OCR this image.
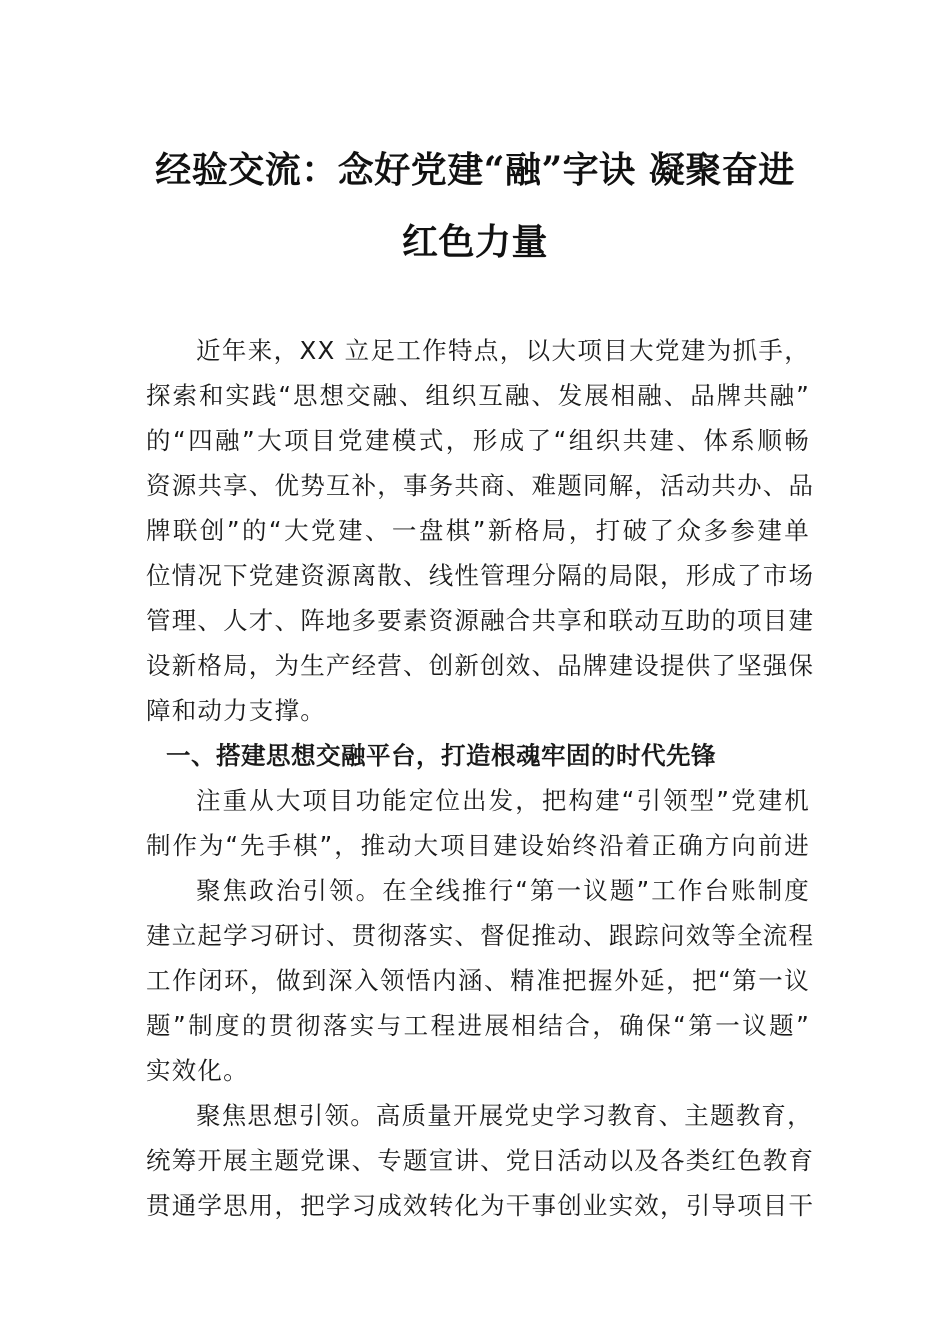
经验交流：念好党建“融”字诀 凝聚奋进
红色力量
近年来，XX 立足工作特点，以大项目大党建为抓手，
探索和实践“思想交融、组织互融、发展相融、品牌共融”
的“四融”大项目党建模式，形成了“组织共建、体系顺畅
资源共享、优势互补，事务共商、难题同解，活动共办、品
牌联创”的“大党建、一盘棋”新格局，打破了众多参建单
位情况下党建资源离散、线性管理分隔的局限，形成了市场
管理、人才、阵地多要素资源融合共享和联动互助的项目建
设新格局，为生产经营、创新创效、品牌建设提供了坚强保
障和动力支撑。
一、搭建思想交融平台，打造根魂牢固的时代先锋
注重从大项目功能定位出发，把构建“引领型”党建机
制作为“先手棋”，推动大项目建设始终沿着正确方向前进
聚焦政治引领。在全线推行“第一议题”工作台账制度
建立起学习研讨、贯彻落实、督促推动、跟踪问效等全流程
工作闭环，做到深入领悟内涵、精准把握外延，把“第一议
题”制度的贯彻落实与工程进展相结合，确保“第一议题”
实效化。
聚焦思想引领。高质量开展党史学习教育、主题教育，
统筹开展主题党课、专题宣讲、党日活动以及各类红色教育
贯通学思用，把学习成效转化为干事创业实效，引导项目干
